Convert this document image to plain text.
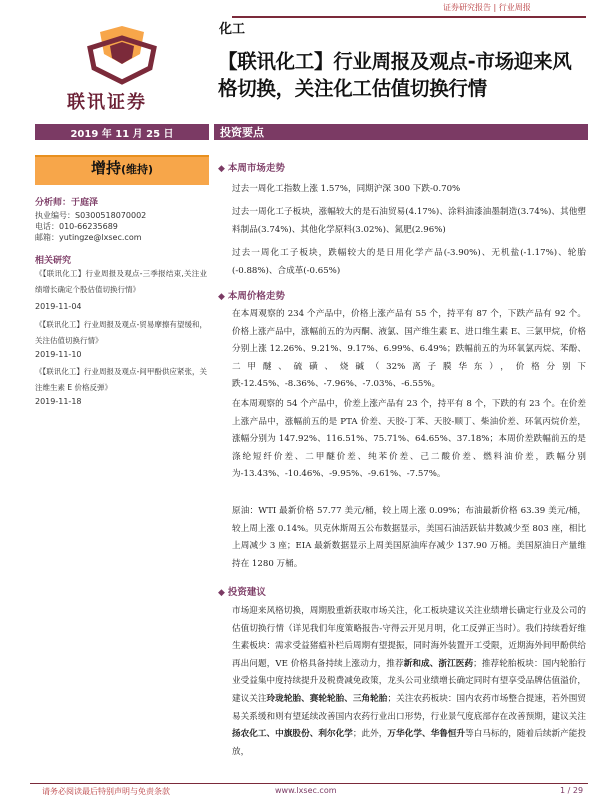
证券研究报告 | 行业周报
化工
【联讯化工】行业周报及观点-市场迎来风格切换，关注化工估值切换行情
联讯证券
2019 年 11 月 25 日	投资要点
增持(维持)
分析师：于庭泽
执业编号：S0300518070002
电话：010-66235689
邮箱：yutingze@lxsec.com
相关研究
《【联讯化工】行业周报及观点-三季报结束,关注业绩增长确定个股估值切换行情》
2019-11-04
《【联讯化工】行业周报及观点-贸易摩擦有望缓和，关注估值切换行情》
2019-11-10
《【联讯化工】行业周报及观点-间甲酚供应紧张，关注维生素 E 价格反弹》
2019-11-18
◆ 本周市场走势
过去一周化工指数上涨 1.57%，同期沪深 300 下跌-0.70%
过去一周化工子板块，涨幅较大的是石油贸易(4.17%)、涂料油漆油墨制造(3.74%)、其他塑料制品(3.74%)、其他化学原料(3.02%)、氮肥(2.96%)
过去一周化工子板块，跌幅较大的是日用化学产品(-3.90%)、无机盐(-1.17%)、轮胎(-0.88%)、合成革(-0.65%)
◆ 本周价格走势
在本周观察的 234 个产品中，价格上涨产品有 55 个，持平有 87 个，下跌产品有 92 个。价格上涨产品中，涨幅前五的为丙酮、液氯、国产维生素 E、进口维生素 E、三氯甲烷，价格分别上涨 12.26%、9.21%、9.17%、6.99%、6.49%；跌幅前五的为环氧氯丙烷、苯酚、二甲醚、硫磺、烧碱（32%离子膜华东），价格分别下跌-12.45%、-8.36%、-7.96%、-7.03%、-6.55%。
在本周观察的 54 个产品中，价差上涨产品有 23 个，持平有 8 个，下跌的有 23 个。在价差上涨产品中，涨幅前五的是 PTA 价差、天胶-丁苯、天胶-顺丁、柴油价差、环氧丙烷价差，涨幅分别为 147.92%、116.51%、75.71%、64.65%、37.18%；本周价差跌幅前五的是涤纶短纤价差、二甲醚价差、纯苯价差、己二酸价差、燃料油价差，跌幅分别为-13.43%、-10.46%、-9.95%、-9.61%、-7.57%。
原油：WTI 最新价格 57.77 美元/桶，较上周上涨 0.09%；布油最新价格 63.39 美元/桶，较上周上涨 0.14%。贝克休斯周五公布数据显示，美国石油活跃钻井数减少至 803 座，相比上周减少 3 座；EIA 最新数据显示上周美国原油库存减少 137.90 万桶。美国原油日产量维持在 1280 万桶。
◆ 投资建议
市场迎来风格切换，周期股重新获取市场关注，化工板块建议关注业绩增长确定行业及公司的估值切换行情（详见我们年度策略报告-守得云开见月明，化工反弹正当时）。我们持续看好维生素板块：需求受益猪瘟补栏后周期有望提振，同时海外装置开工受限，近期海外间甲酚供给再出问题，VE 价格具备持续上涨动力，推荐新和成、浙江医药；推荐轮胎板块：国内轮胎行业受益集中度持续提升及税费减免政策，龙头公司业绩增长确定同时有望享受品牌估值溢价，建议关注玲珑轮胎、赛轮轮胎、三角轮胎；关注农药板块：国内农药市场整合提速，若外围贸易关系缓和则有望延续改善国内农药行业出口形势，行业景气度底部存在改善预期，建议关注扬农化工、中旗股份、利尔化学；此外，万华化学、华鲁恒升等白马标的，随着后续新产能投放，
请务必阅读最后特别声明与免责条款	www.lxsec.com	1 / 29
